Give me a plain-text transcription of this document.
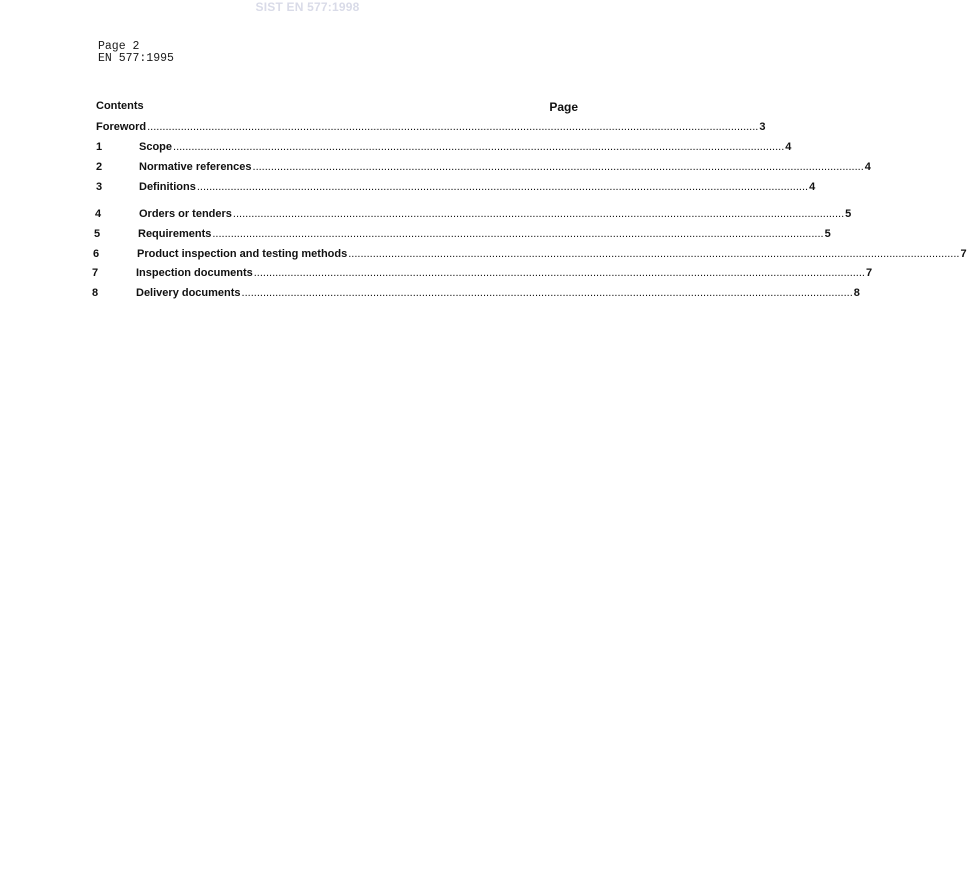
SIST EN 577:1998
Page 2
EN 577:1995
Contents	Page
Foreword ........................................................................................................................................................................................................ 3
1	Scope ........................................................................................................................................................................................................ 4
2	Normative references ........................................................................................................................................................................................................ 4
3	Definitions ........................................................................................................................................................................................................ 4
4	Orders or tenders ........................................................................................................................................................................................................ 5
5	Requirements ........................................................................................................................................................................................................ 5
6	Product inspection and testing methods ........................................................................................................................................................................................................ 7
7	Inspection documents ........................................................................................................................................................................................................ 7
8	Delivery documents ........................................................................................................................................................................................................ 8
